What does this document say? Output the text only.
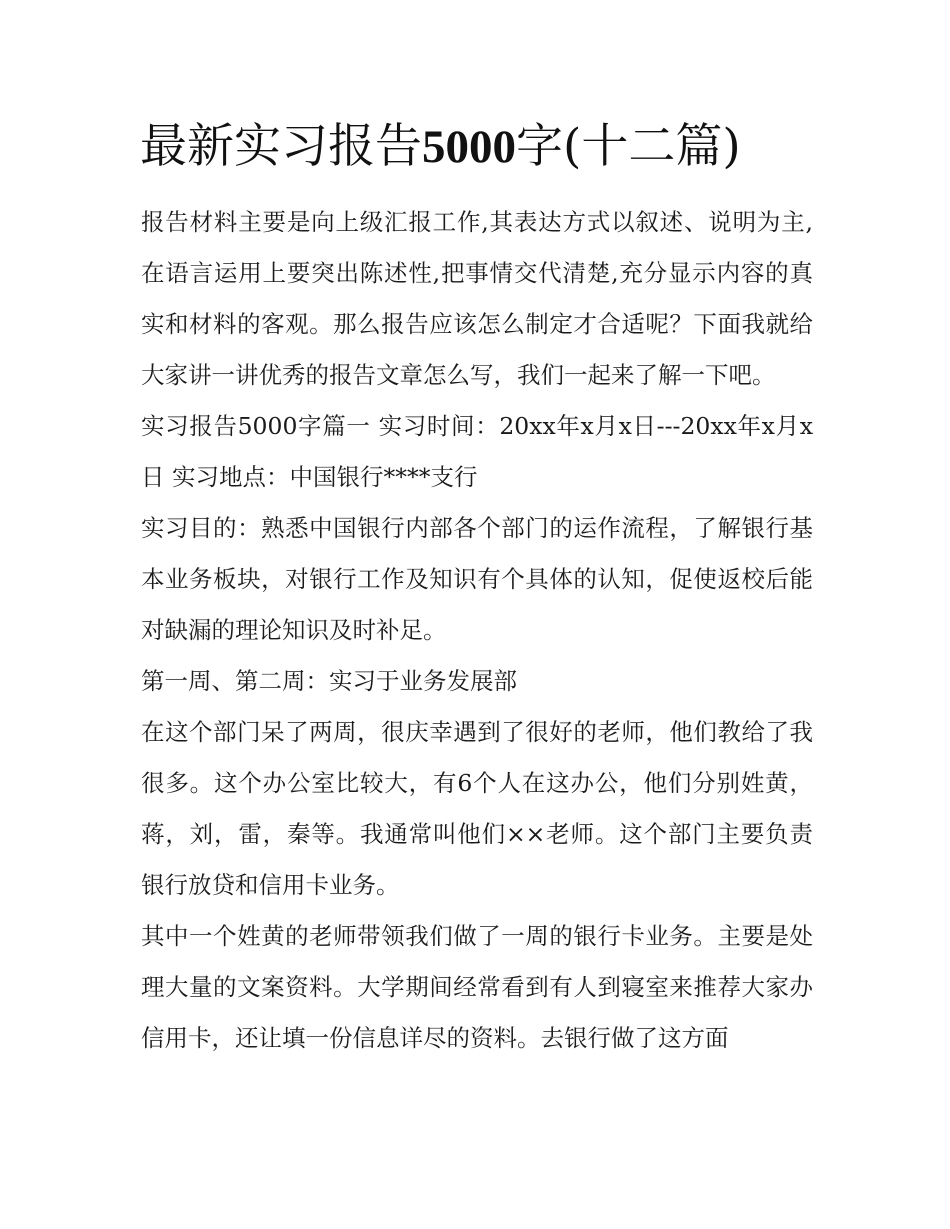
最新实习报告5000字(十二篇)

报告材料主要是向上级汇报工作,其表达方式以叙述、说明为主,在语言运用上要突出陈述性,把事情交代清楚,充分显示内容的真实和材料的客观。那么报告应该怎么制定才合适呢？下面我就给大家讲一讲优秀的报告文章怎么写，我们一起来了解一下吧。

实习报告5000字篇一 实习时间：20xx年x月x日---20xx年x月x日 实习地点：中国银行****支行

实习目的：熟悉中国银行内部各个部门的运作流程，了解银行基本业务板块，对银行工作及知识有个具体的认知，促使返校后能对缺漏的理论知识及时补足。

第一周、第二周：实习于业务发展部

在这个部门呆了两周，很庆幸遇到了很好的老师，他们教给了我很多。这个办公室比较大，有6个人在这办公，他们分别姓黄，蒋，刘，雷，秦等。我通常叫他们××老师。这个部门主要负责银行放贷和信用卡业务。

其中一个姓黄的老师带领我们做了一周的银行卡业务。主要是处理大量的文案资料。大学期间经常看到有人到寝室来推荐大家办信用卡，还让填一份信息详尽的资料。去银行做了这方面
